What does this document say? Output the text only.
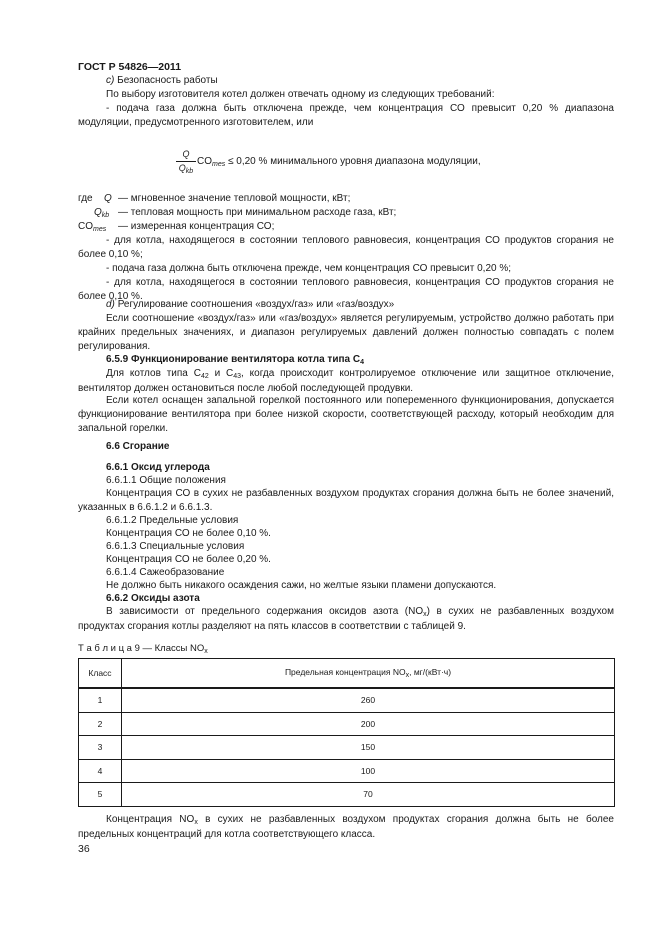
ГОСТ Р 54826—2011
c) Безопасность работы
По выбору изготовителя котел должен отвечать одному из следующих требований:
- подача газа должна быть отключена прежде, чем концентрация СО превысит 0,20 % диапазона модуляции, предусмотренного изготовителем, или
Q
$Q_{kb}$
$CO_{mes} \le 0,20$ % минимального уровня диапазона модуляции,
где Q — мгновенное значение тепловой мощности, кВт;
$Q_{kb}$ — тепловая мощность при минимальном расходе газа, кВт;
$CO_{mes}$ — измеренная концентрация СО;
- для котла, находящегося в состоянии теплового равновесия, концентрация СО продуктов сгорания не более 0,10 %;
- подача газа должна быть отключена прежде, чем концентрация СО превысит 0,20 %;
- для котла, находящегося в состоянии теплового равновесия, концентрация СО продуктов сгорания не более 0,10 %.
d) Регулирование соотношения «воздух/газ» или «газ/воздух»
Если соотношение «воздух/газ» или «газ/воздух» является регулируемым, устройство должно работать при крайних предельных значениях, и диапазон регулируемых давлений должен полностью совпадать с полем регулирования.
6.5.9 Функционирование вентилятора котла типа $С_4$
Для котлов типа $С_{42}$ и $С_{43}$, когда происходит контролируемое отключение или защитное отключение, вентилятор должен остановиться после любой последующей продувки.
Если котел оснащен запальной горелкой постоянного или попеременного функционирования, допускается функционирование вентилятора при более низкой скорости, соответствующей расходу, который необходим для запальной горелки.
6.6 Сгорание
6.6.1 Оксид углерода
6.6.1.1 Общие положения
Концентрация СО в сухих не разбавленных воздухом продуктах сгорания должна быть не более значений, указанных в 6.6.1.2 и 6.6.1.3.
6.6.1.2 Предельные условия
Концентрация СО не более 0,10 %.
6.6.1.3 Специальные условия
Концентрация СО не более 0,20 %.
6.6.1.4 Сажеобразование
Не должно быть никакого осаждения сажи, но желтые языки пламени допускаются.
6.6.2 Оксиды азота
В зависимости от предельного содержания оксидов азота $(NO_x)$ в сухих не разбавленных воздухом продуктах сгорания котлы разделяют на пять классов в соответствии с таблицей 9.
Т а б л и ц а 9 — Классы $NO_x$
Класс	Предельная концентрация $NO_x$, мг/(кВт·ч)
1	260
2	200
3	150
4	100
5	70
Концентрация $NO_x$ в сухих не разбавленных воздухом продуктах сгорания должна быть не более предельных концентраций для котла соответствующего класса.
36
